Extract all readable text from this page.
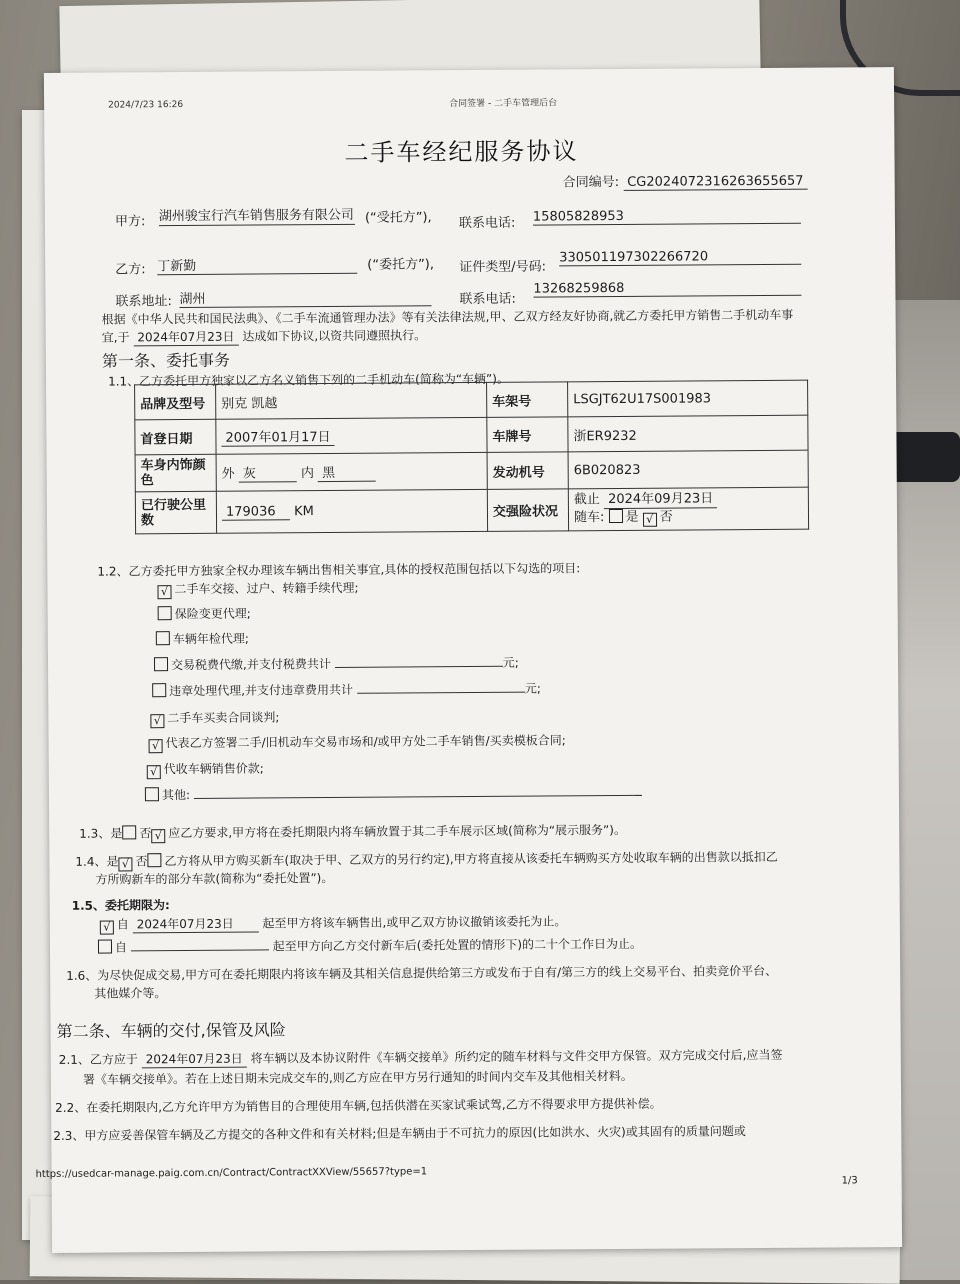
2024/7/23 16:26	合同签署 - 二手车管理后台
二手车经纪服务协议
合同编号: CG20240723162636556​57
甲方: 湖州骏宝行汽车销售服务有限公司 (“受托方”), 联系电话: 15805828953
乙方: 丁新勤	(“委托方”), 证件类型/号码:
330501197302266720
联系地址: 湖州	联系电话:
13268259868
根据《中华人民共和国民法典》、《二手车流通管理办法》等有关法律法规,甲、乙双方经友好协商,就乙方委托甲方销售二手机动车事
宜,于 2024年07月23日 达成如下协议,以资共同遵照执行。
第一条、委托事务
1.1、乙方委托甲方独家以乙方名义销售下列的二手机动车(简称为“车辆”)。
品牌及型号	别克 凯越	车架号	LSGJT62U17S001983
首登日期	2007年01月17日	车牌号	浙ER9232
车身内饰颜色	外 灰 内 黑	发动机号	6B020823
已行驶公里数	179036 KM	交强险状况	截止 2024年09月23日
随车: 是 √ 否
1.2、乙方委托甲方独家全权办理该车辆出售相关事宜,具体的授权范围包括以下勾选的项目:
√ 二手车交接、过户、转籍手续代理;
保险变更代理;
车辆年检代理;
交易税费代缴,并支付税费共计	元;
违章处理代理,并支付违章费用共计	元;
√ 二手车买卖合同谈判;
√ 代表乙方签署二手/旧机动车交易市场和/或甲方处二手车销售/买卖模板合同;
√ 代收车辆销售价款;
其他:
1.3、是 否 √ 应乙方要求,甲方将在委托期限内将车辆放置于其二手车展示区域(简称为“展示服务”)。
1.4、是 √ 否 乙方将从甲方购买新车(取决于甲、乙双方的另行约定),甲方将直接从该委托车辆购买方处收取车辆的出售款以抵扣乙
方所购新车的部分车款(简称为“委托处置”)。
1.5、委托期限为:
√ 自 2024年07月23日 起至甲方将该车辆售出,或甲乙双方协议撤销该委托为止。
自	起至甲方向乙方交付新车后(委托处置的情形下)的二十个工作日为止。
1.6、为尽快促成交易,甲方可在委托期限内将该车辆及其相关信息提供给第三方或发布于自有/第三方的线上交易平台、拍卖竞价平台、
其他媒介等。
第二条、车辆的交付,保管及风险
2.1、乙方应于 2024年07月23日 将车辆以及本协议附件《车辆交接单》所约定的随车材料与文件交甲方保管。双方完成交付后,应当签
署《车辆交接单》。若在上述日期未完成交车的,则乙方应在甲方另行通知的时间内交车及其他相关材料。
2.2、在委托期限内,乙方允许甲方为销售目的合理使用车辆,包括供潜在买家试乘试驾,乙方不得要求甲方提供补偿。
2.3、甲方应妥善保管车辆及乙方提交的各种文件和有关材料;但是车辆由于不可抗力的原因(比如洪水、火灾)或其固有的质量问题或
https://usedcar-manage.paig.com.cn/Contract/ContractXXView/55657?type=1
1/3
